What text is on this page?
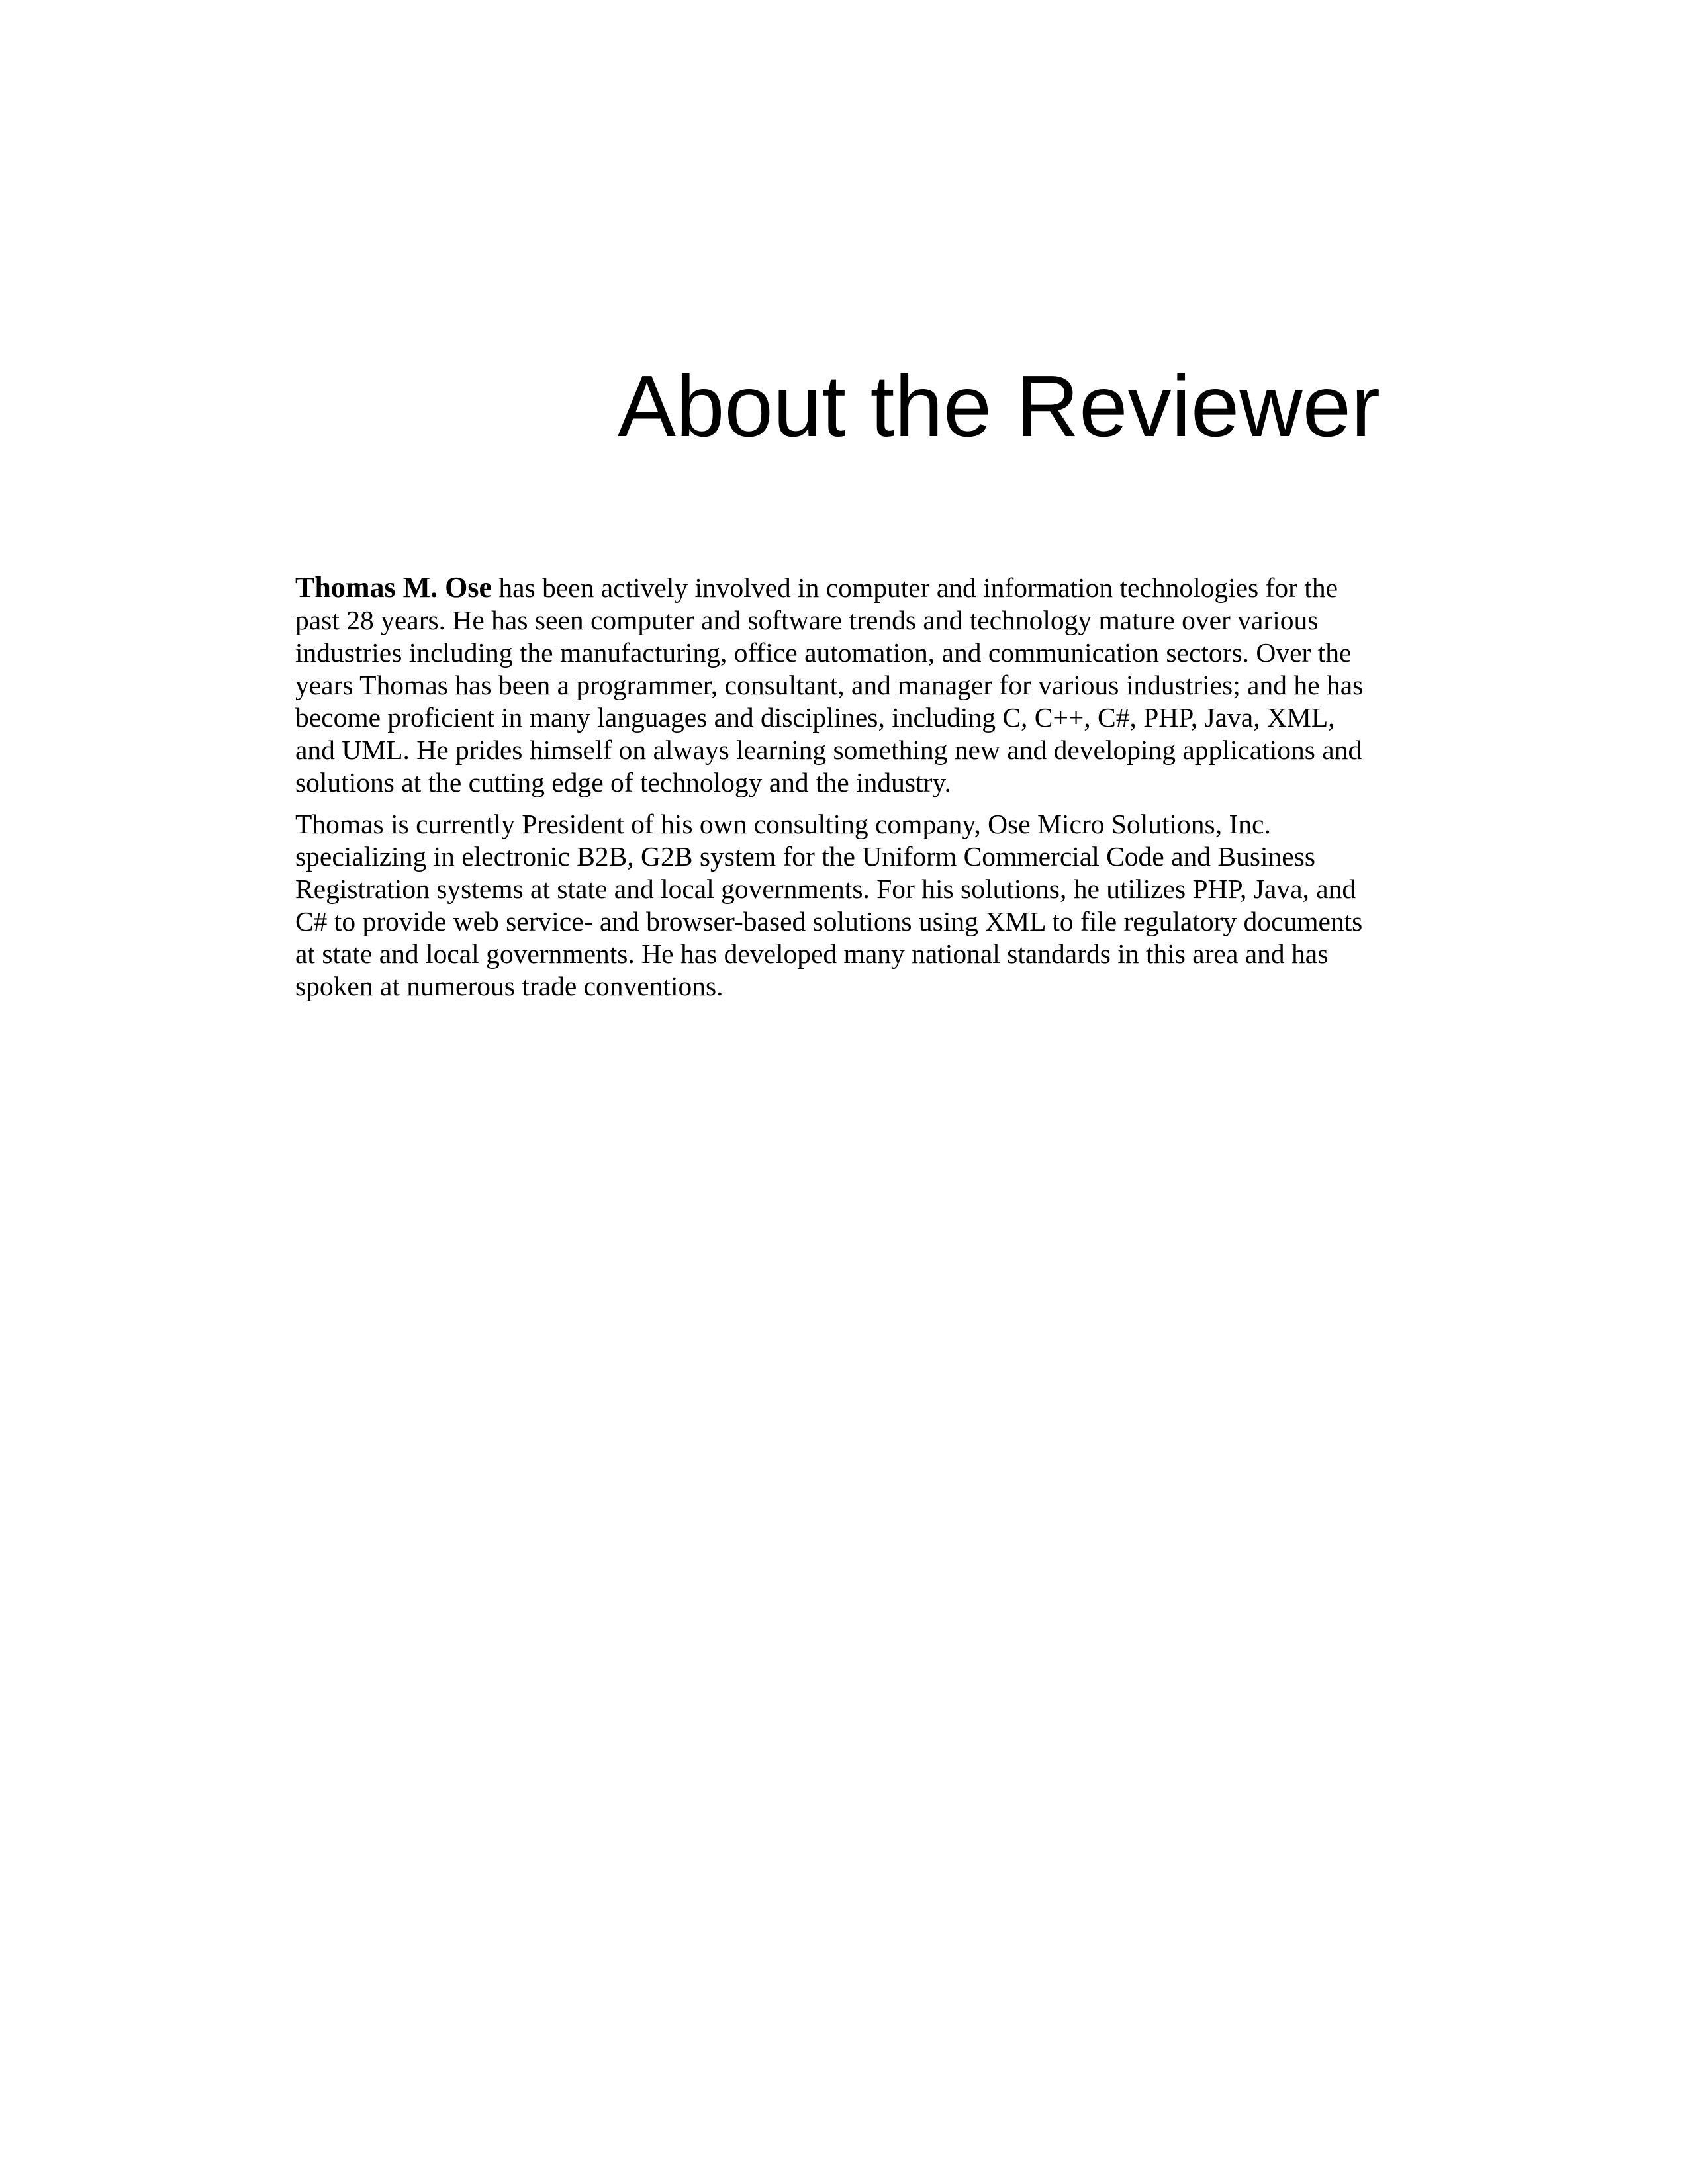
About the Reviewer

Thomas M. Ose has been actively involved in computer and information technologies for the
past 28 years. He has seen computer and software trends and technology mature over various
industries including the manufacturing, office automation, and communication sectors. Over the
years Thomas has been a programmer, consultant, and manager for various industries; and he has
become proficient in many languages and disciplines, including C, C++, C#, PHP, Java, XML,
and UML. He prides himself on always learning something new and developing applications and
solutions at the cutting edge of technology and the industry.

Thomas is currently President of his own consulting company, Ose Micro Solutions, Inc.
specializing in electronic B2B, G2B system for the Uniform Commercial Code and Business
Registration systems at state and local governments. For his solutions, he utilizes PHP, Java, and
C# to provide web service- and browser-based solutions using XML to file regulatory documents
at state and local governments. He has developed many national standards in this area and has
spoken at numerous trade conventions.
